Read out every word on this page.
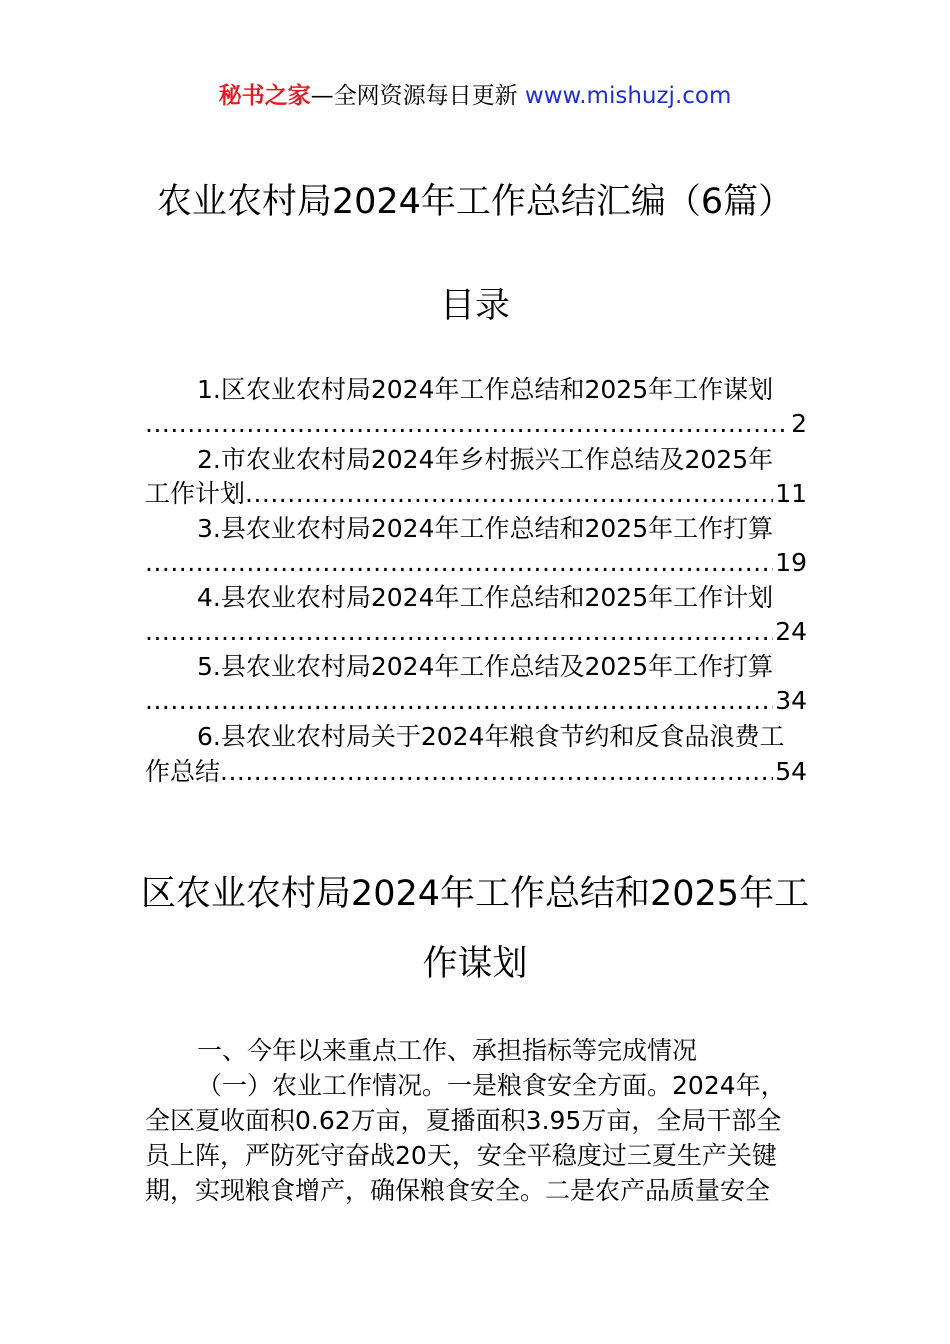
秘书之家—全网资源每日更新 www.mishuzj.com
农业农村局2024年工作总结汇编（6篇）
目录
1.区农业农村局2024年工作总结和2025年工作谋划
.....
2
2.市农业农村局2024年乡村振兴工作总结及2025年
工作计划 .....	11
3.县农业农村局2024年工作总结和2025年工作打算
.....
19
4.县农业农村局2024年工作总结和2025年工作计划
.....
24
5.县农业农村局2024年工作总结及2025年工作打算
.....
34
6.县农业农村局关于2024年粮食节约和反食品浪费工
作总结 .....	54
区农业农村局2024年工作总结和2025年工
作谋划

一、今年以来重点工作、承担指标等完成情况

（一）农业工作情况。一是粮食安全方面。2024年，

全区夏收面积0.62万亩，夏播面积3.95万亩，全局干部全

员上阵，严防死守奋战20天，安全平稳度过三夏生产关键

期，实现粮食增产，确保粮食安全。二是农产品质量安全
